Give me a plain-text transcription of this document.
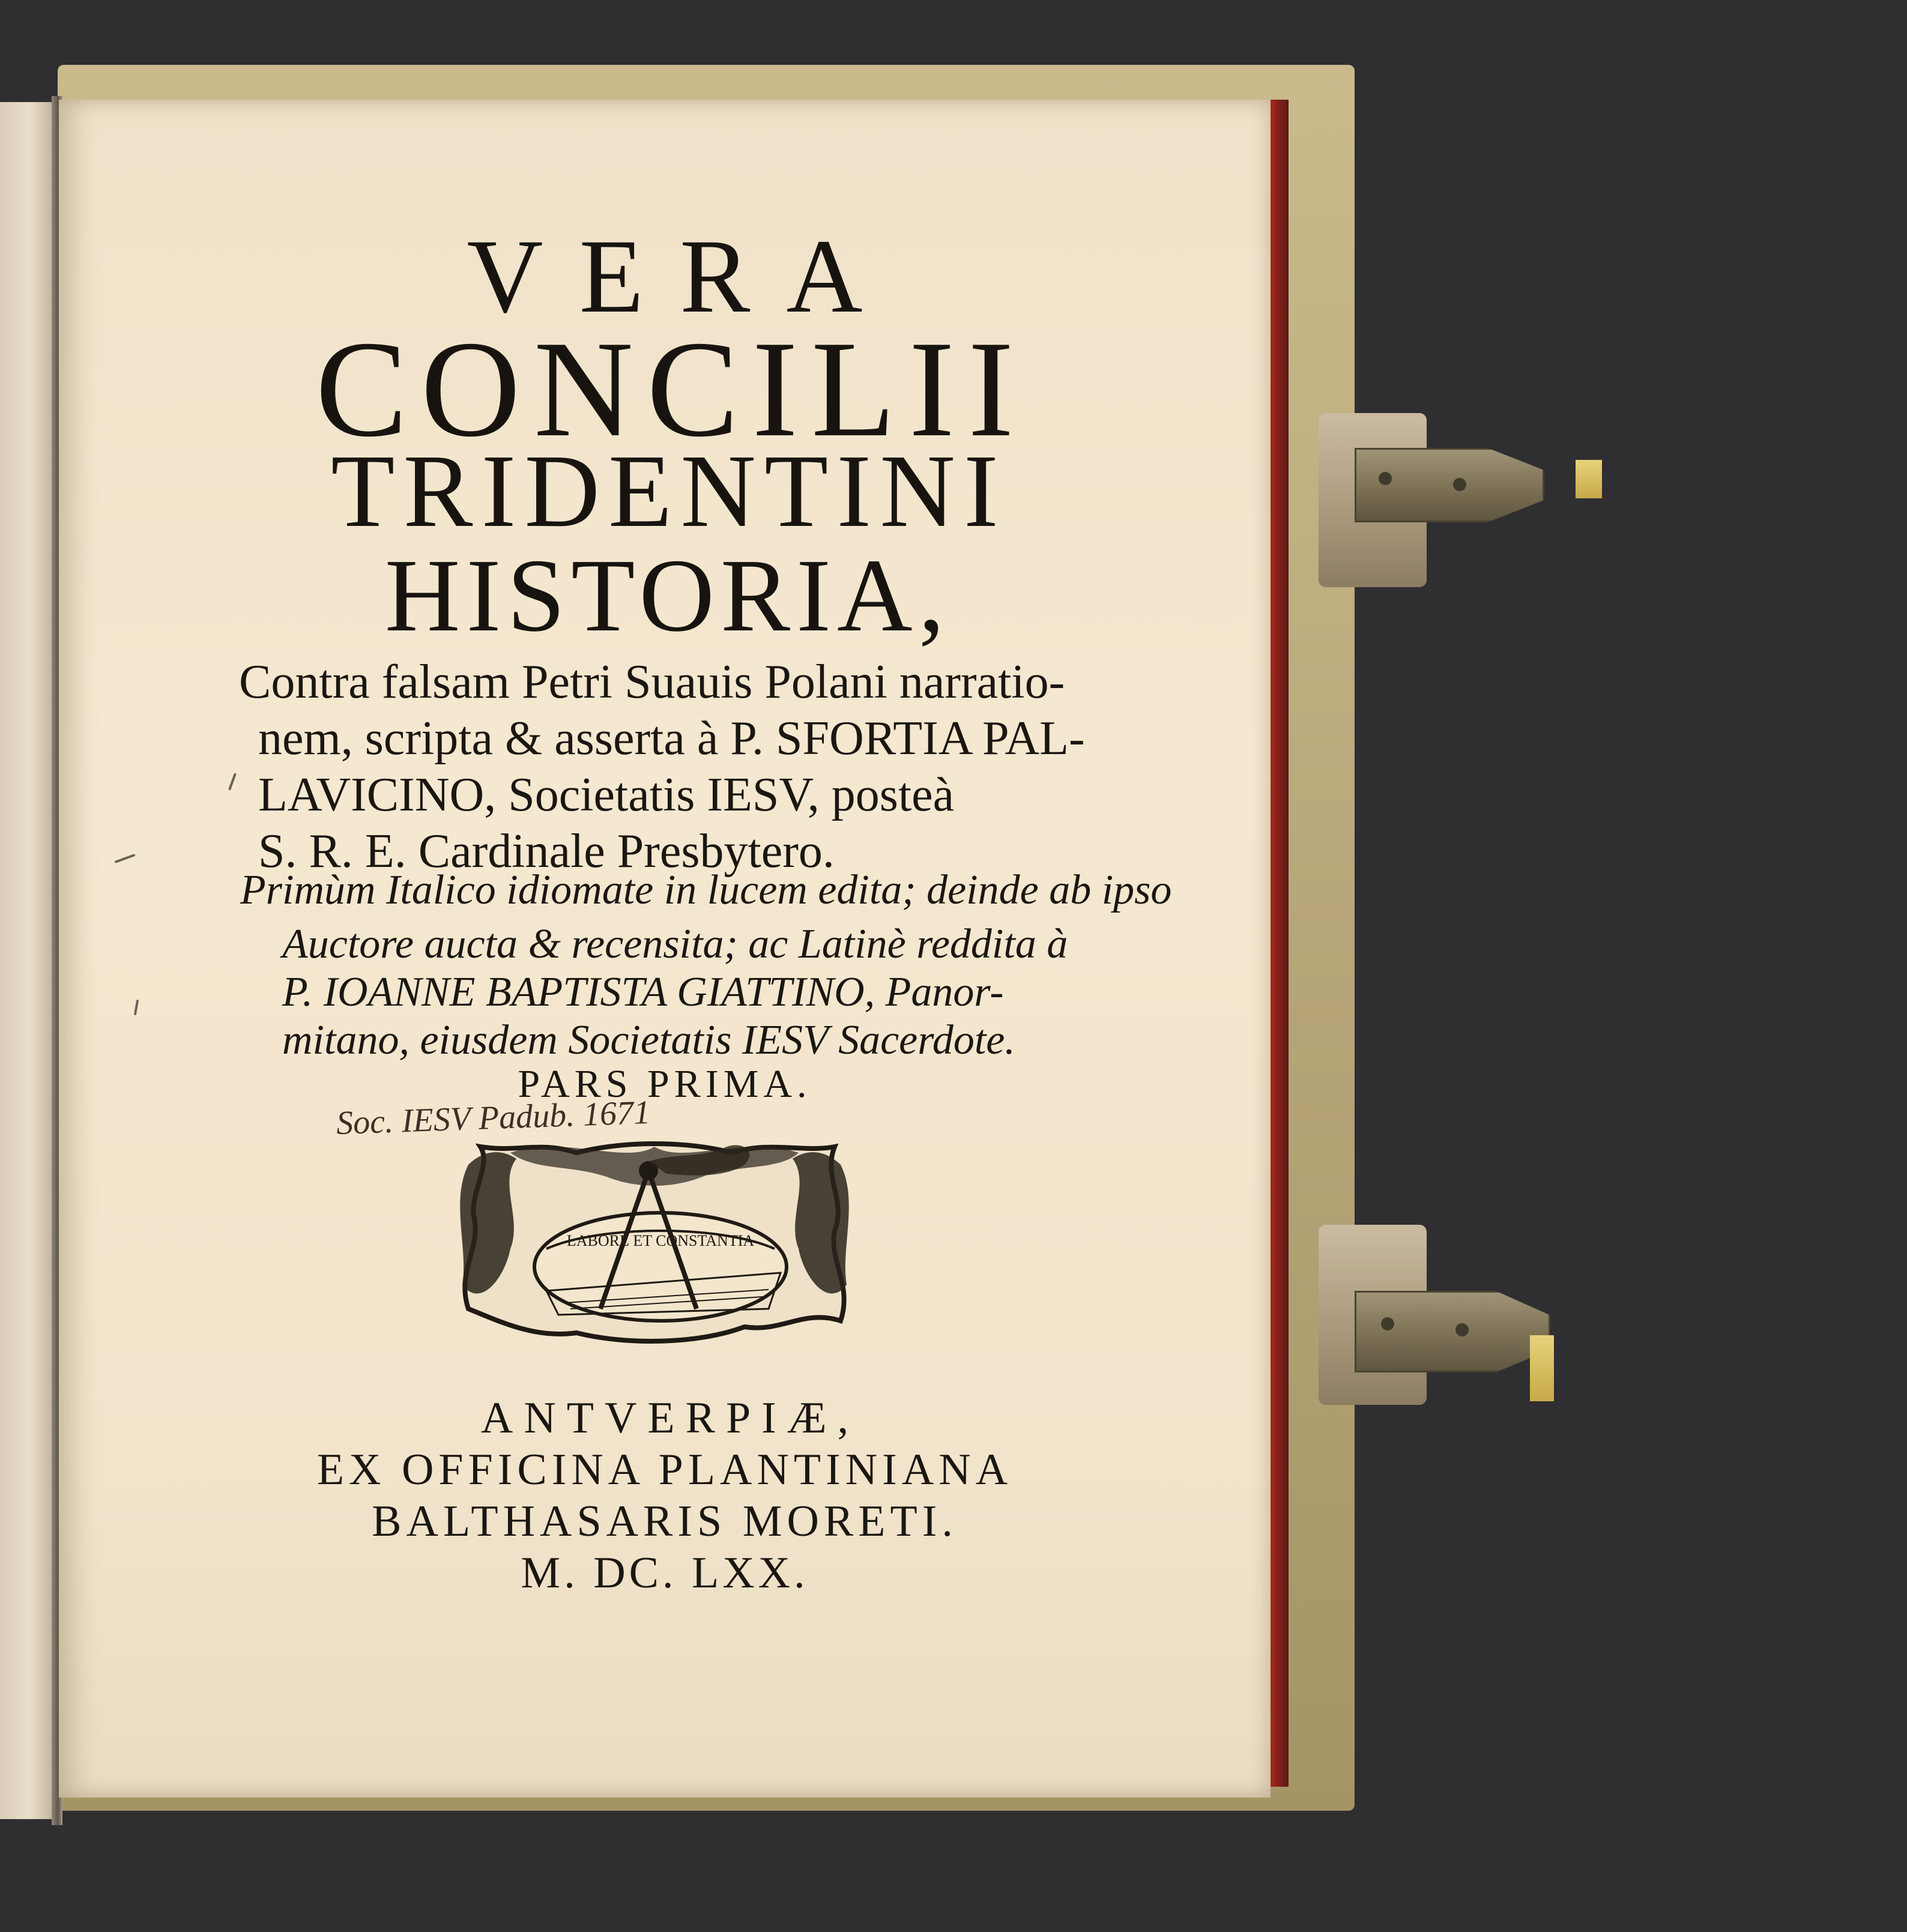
VERA
CONCILII
TRIDENTINI
HISTORIA,
Contra falsam Petri Suauis Polani narratio-
nem, scripta & asserta à P. SFORTIA PAL-
LAVICINO, Societatis IESV, posteà
S. R. E. Cardinale Presbytero.
Primùm Italico idiomate in lucem edita; deinde ab ipso
Auctore aucta & recensita; ac Latinè reddita à
P. IOANNE BAPTISTA GIATTINO, Panor-
mitano, eiusdem Societatis IESV Sacerdote.
PARS PRIMA.
Soc. IESV Padub. 1671
LABORE ET CONSTANTIA
ANTVERPIÆ,
EX OFFICINA PLANTINIANA
BALTHASARIS MORETI.
M. DC. LXX.
